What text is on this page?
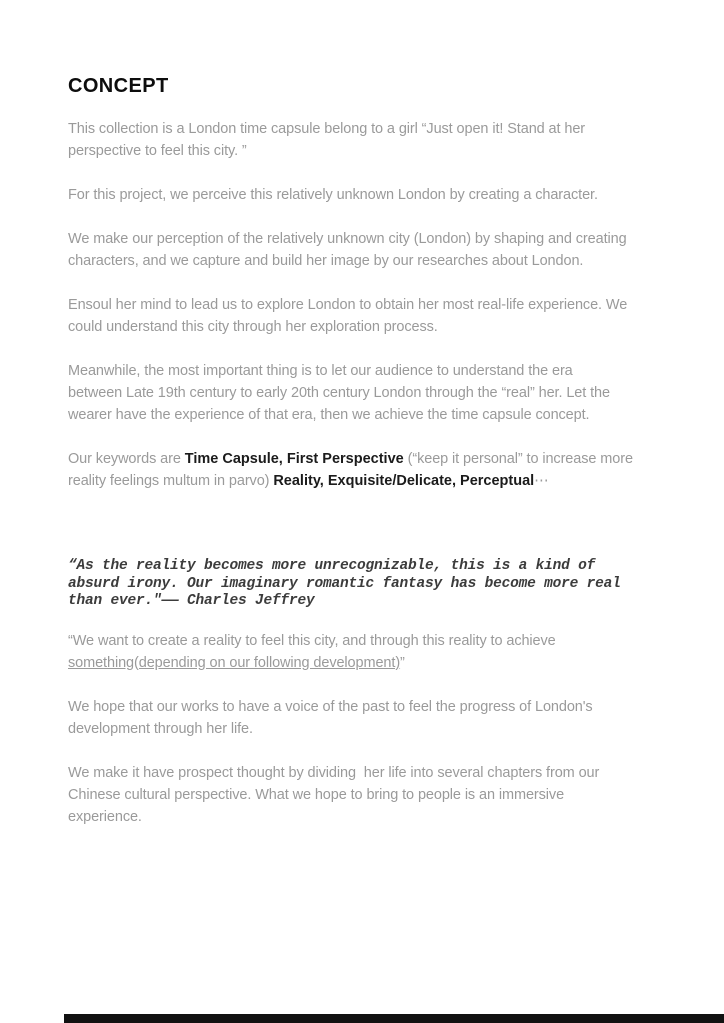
CONCEPT
This collection is a London time capsule belong to a girl “Just open it! Stand at her
perspective to feel this city. ”
For this project, we perceive this relatively unknown London by creating a character.
We make our perception of the relatively unknown city (London) by shaping and creating
characters, and we capture and build her image by our researches about London.
Ensoul her mind to lead us to explore London to obtain her most real-life experience. We
could understand this city through her exploration process.
Meanwhile, the most important thing is to let our audience to understand the era
between Late 19th century to early 20th century London through the “real” her. Let the
wearer have the experience of that era, then we achieve the time capsule concept.
Our keywords are Time Capsule, First Perspective (“keep it personal” to increase more
reality feelings multum in parvo) Reality, Exquisite/Delicate, Perceptual⋯
“As the reality becomes more unrecognizable, this is a kind of
absurd irony. Our imaginary romantic fantasy has become more real
than ever."—— Charles Jeffrey
“We want to create a reality to feel this city, and through this reality to achieve
something(depending on our following development)”
We hope that our works to have a voice of the past to feel the progress of London's
development through her life.
We make it have prospect thought by dividing  her life into several chapters from our
Chinese cultural perspective. What we hope to bring to people is an immersive
experience.
